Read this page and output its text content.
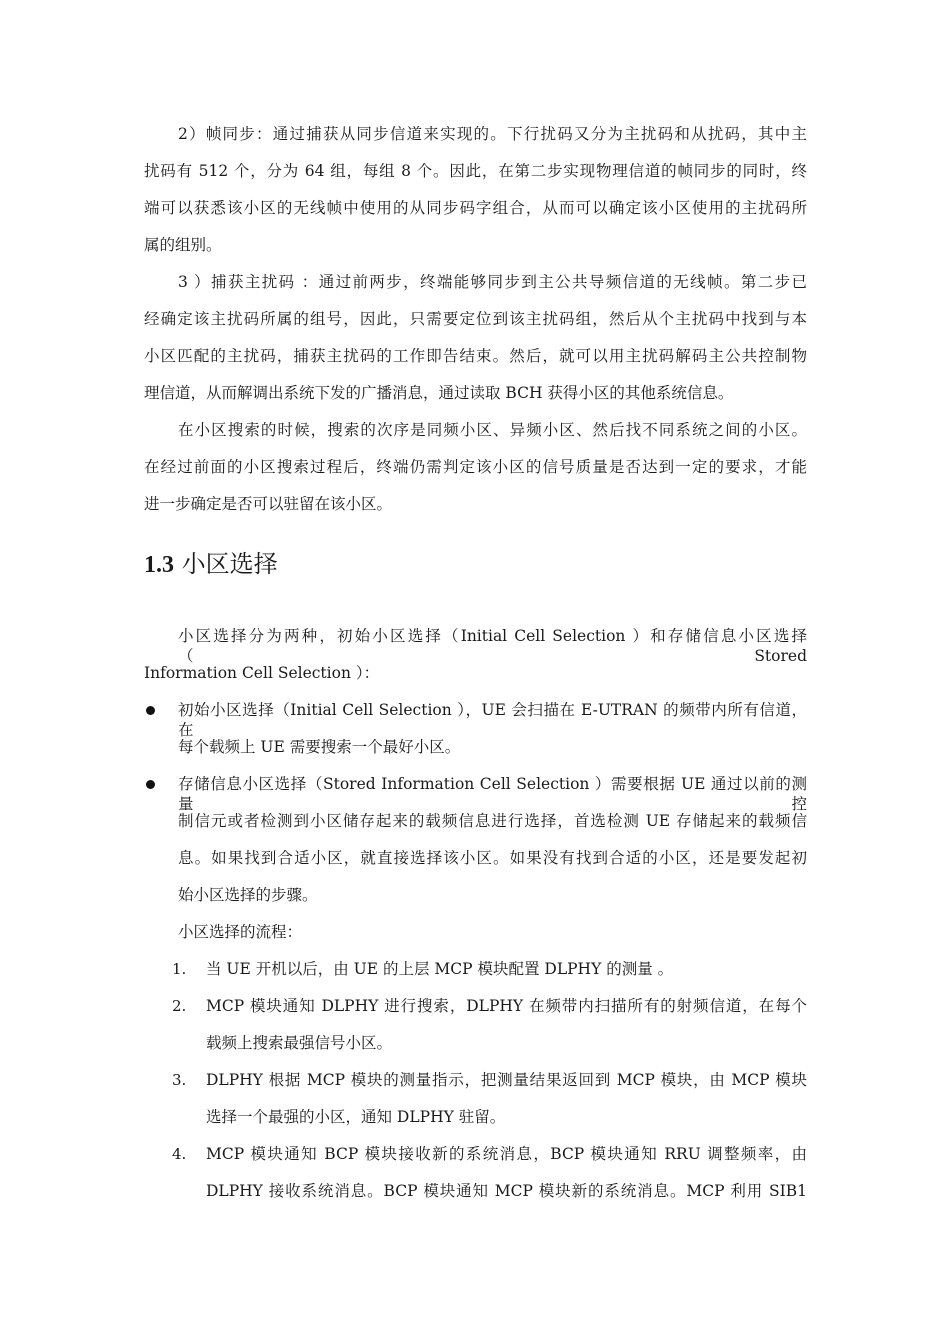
2）帧同步：通过捕获从同步信道来实现的。下行扰码又分为主扰码和从扰码，其中主
扰码有 512 个，分为 64 组，每组 8 个。因此，在第二步实现物理信道的帧同步的同时，终
端可以获悉该小区的无线帧中使用的从同步码字组合，从而可以确定该小区使用的主扰码所
属的组别。
3 ）捕获主扰码 ：通过前两步，终端能够同步到主公共导频信道的无线帧。第二步已
经确定该主扰码所属的组号，因此，只需要定位到该主扰码组，然后从个主扰码中找到与本
小区匹配的主扰码，捕获主扰码的工作即告结束。然后，就可以用主扰码解码主公共控制物
理信道，从而解调出系统下发的广播消息，通过读取 BCH 获得小区的其他系统信息。
在小区搜索的时候，搜索的次序是同频小区、异频小区、然后找不同系统之间的小区。
在经过前面的小区搜索过程后，终端仍需判定该小区的信号质量是否达到一定的要求，才能
进一步确定是否可以驻留在该小区。
1.3 小区选择
小区选择分为两种，初始小区选择（Initial Cell Selection ）和存储信息小区选择（Stored
Information Cell Selection ）：
初始小区选择（Initial Cell Selection ），UE 会扫描在 E-UTRAN 的频带内所有信道，在
每个载频上 UE 需要搜索一个最好小区。
存储信息小区选择（Stored Information Cell Selection ）需要根据 UE 通过以前的测量控
制信元或者检测到小区储存起来的载频信息进行选择，首选检测 UE 存储起来的载频信
息。如果找到合适小区，就直接选择该小区。如果没有找到合适的小区，还是要发起初
始小区选择的步骤。
小区选择的流程：
1. 当 UE 开机以后，由 UE 的上层 MCP 模块配置 DLPHY 的测量 。
2. MCP 模块通知 DLPHY 进行搜索，DLPHY 在频带内扫描所有的射频信道，在每个
载频上搜索最强信号小区。
3. DLPHY 根据 MCP 模块的测量指示，把测量结果返回到 MCP 模块，由 MCP 模块
选择一个最强的小区，通知 DLPHY 驻留。
4. MCP 模块通知 BCP 模块接收新的系统消息，BCP 模块通知 RRU 调整频率，由
DLPHY 接收系统消息。BCP 模块通知 MCP 模块新的系统消息。MCP 利用 SIB1
